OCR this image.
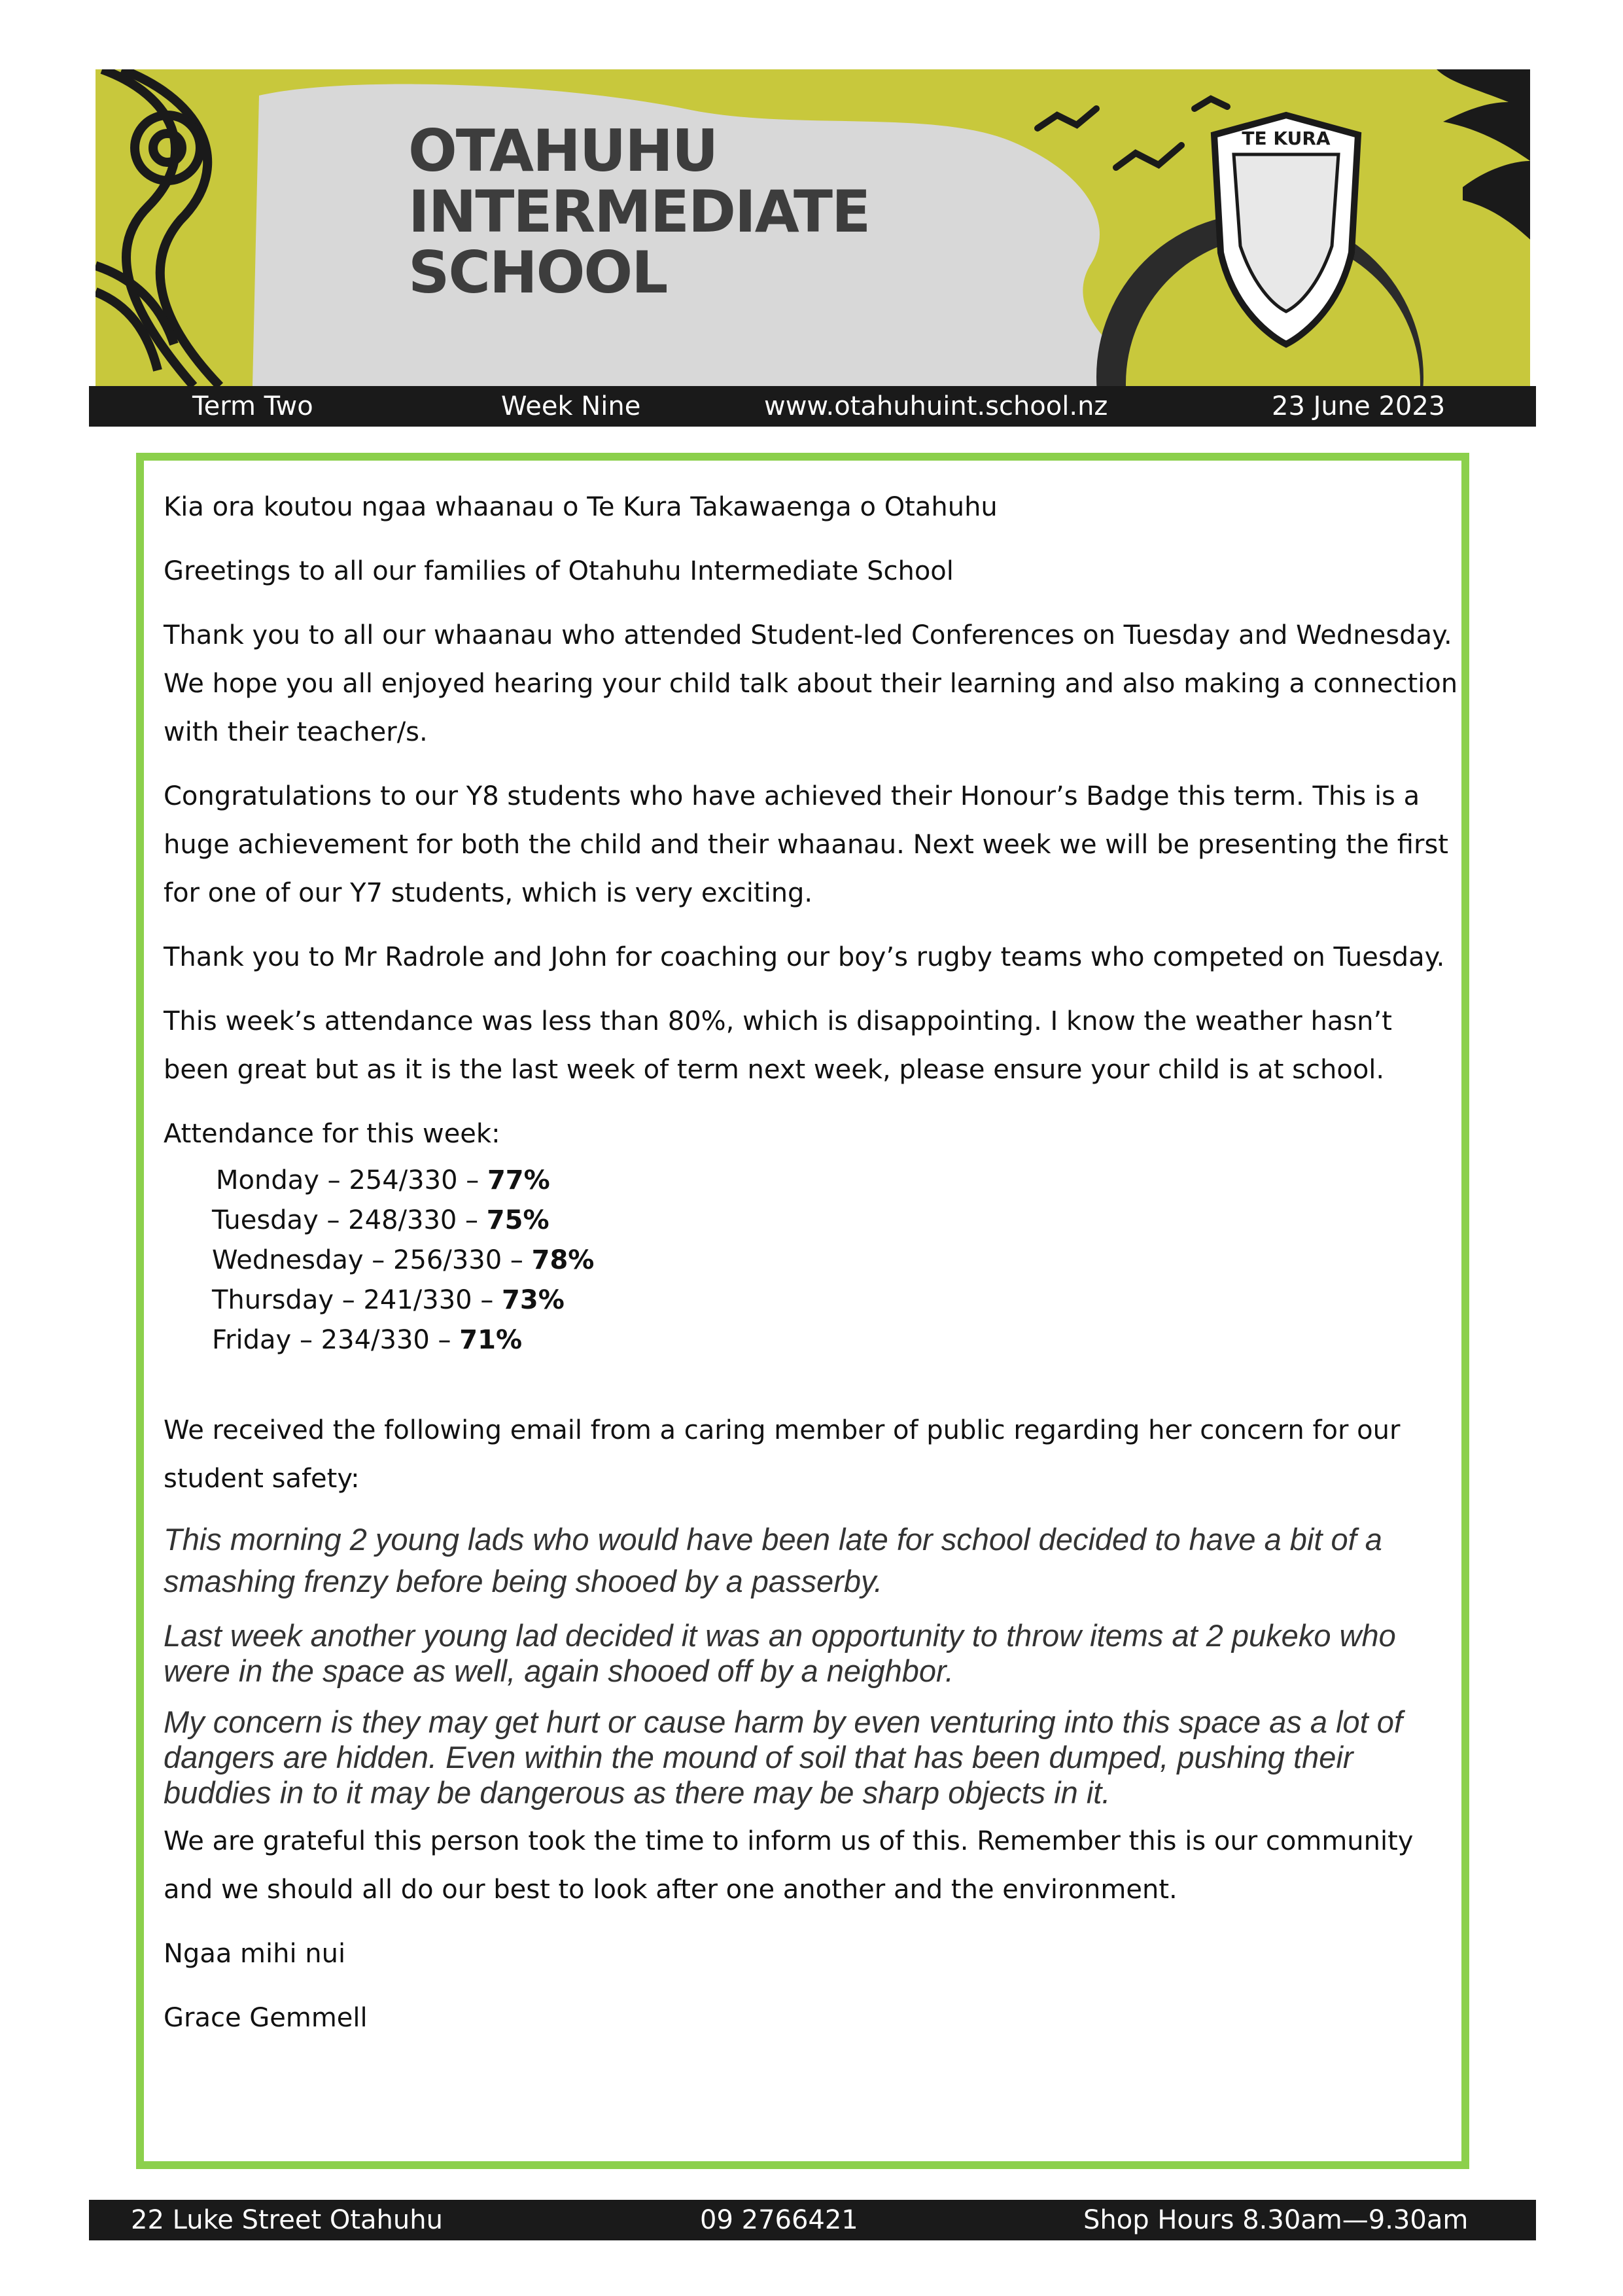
TE KURA
OTAHUHU
INTERMEDIATE
SCHOOL
Term Two	Week Nine	www.otahuhuint.school.nz	23 June 2023

Kia ora koutou ngaa whaanau o Te Kura Takawaenga o Otahuhu

Greetings to all our families of Otahuhu Intermediate School

Thank you to all our whaanau who attended Student-led Conferences on Tuesday and Wednesday. We hope you all enjoyed hearing your child talk about their learning and also making a connection with their teacher/s.

Congratulations to our Y8 students who have achieved their Honour’s Badge this term. This is a huge achievement for both the child and their whaanau. Next week we will be presenting the first for one of our Y7 students, which is very exciting.

Thank you to Mr Radrole and John for coaching our boy’s rugby teams who competed on Tuesday.

This week’s attendance was less than 80%, which is disappointing. I know the weather hasn’t been great but as it is the last week of term next week, please ensure your child is at school.

Attendance for this week:

Monday – 254/330 – 77%
Tuesday – 248/330 – 75%
Wednesday – 256/330 – 78%
Thursday – 241/330 – 73%
Friday – 234/330 – 71%

We received the following email from a caring member of public regarding her concern for our student safety:

This morning 2 young lads who would have been late for school decided to have a bit of a smashing frenzy before being shooed by a passerby.

Last week another young lad decided it was an opportunity to throw items at 2 pukeko who were in the space as well, again shooed off by a neighbor.

My concern is they may get hurt or cause harm by even venturing into this space as a lot of dangers are hidden. Even within the mound of soil that has been dumped, pushing their buddies in to it may be dangerous as there may be sharp objects in it.

We are grateful this person took the time to inform us of this. Remember this is our community and we should all do our best to look after one another and the environment.

Ngaa mihi nui

Grace Gemmell

22 Luke Street Otahuhu	09 2766421	Shop Hours 8.30am—9.30am
